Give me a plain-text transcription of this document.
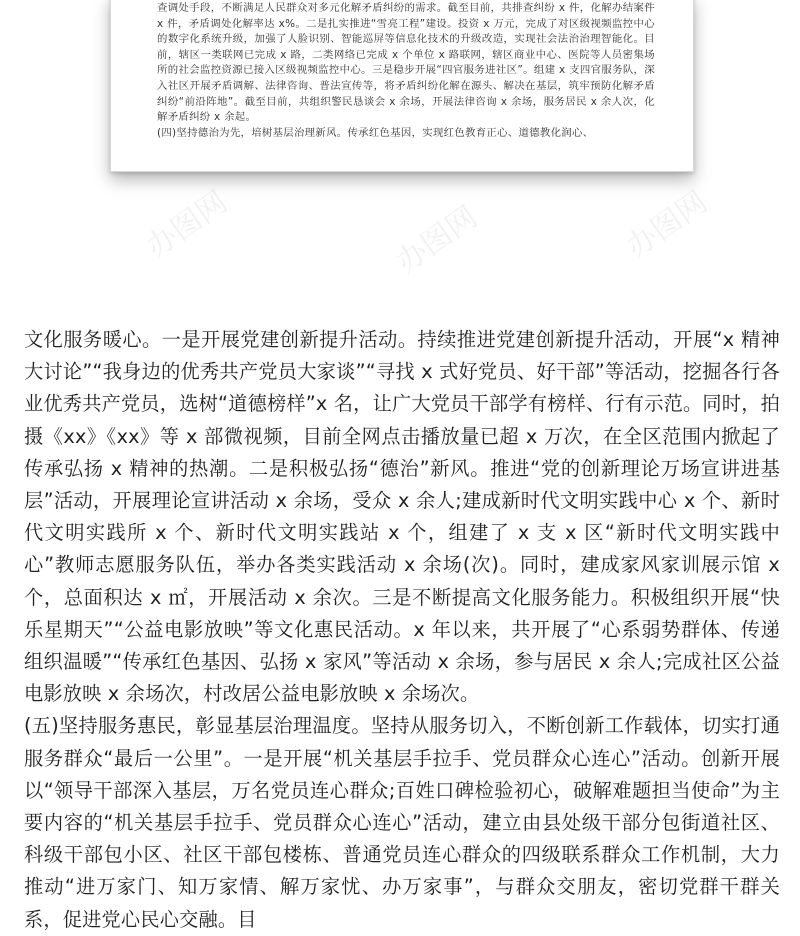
办图网	办图网	办图网
查调处手段，不断满足人民群众对多元化解矛盾纠纷的需求。截至目前，共排查纠纷 x 件，化解办结案件 x 件，矛盾调处化解率达 x%。二是扎实推进“雪亮工程”建设。投资 x 万元，完成了对区级视频监控中心的数字化系统升级，加强了人脸识别、智能巡屏等信息化技术的升级改造，实现社会法治治理智能化。目前，辖区一类联网已完成 x 路，二类网络已完成 x 个单位 x 路联网，辖区商业中心、医院等人员密集场所的社会监控资源已接入区级视频监控中心。三是稳步开展“四官服务进社区”。组建 x 支四官服务队，深入社区开展矛盾调解、法律咨询、普法宣传等，将矛盾纠纷化解在源头、解决在基层，筑牢预防化解矛盾纠纷“前沿阵地”。截至目前，共组织警民恳谈会 x 余场，开展法律咨询 x 余场，服务居民 x 余人次，化解矛盾纠纷 x 余起。
(四)坚持德治为先，培树基层治理新风。传承红色基因，实现红色教育正心、道德教化润心、

文化服务暖心。一是开展党建创新提升活动。持续推进党建创新提升活动，开展“x 精神大讨论”“我身边的优秀共产党员大家谈”“寻找 x 式好党员、好干部”等活动，挖掘各行各业优秀共产党员，选树“道德榜样”x 名，让广大党员干部学有榜样、行有示范。同时，拍摄《xx》《xx》等 x 部微视频，目前全网点击播放量已超 x 万次，在全区范围内掀起了传承弘扬 x 精神的热潮。二是积极弘扬“德治”新风。推进“党的创新理论万场宣讲进基层”活动，开展理论宣讲活动 x 余场，受众 x 余人;建成新时代文明实践中心 x 个、新时代文明实践所 x 个、新时代文明实践站 x 个，组建了 x 支 x 区“新时代文明实践中心”教师志愿服务队伍，举办各类实践活动 x 余场(次)。同时，建成家风家训展示馆 x 个，总面积达 x ㎡，开展活动 x 余次。三是不断提高文化服务能力。积极组织开展“快乐星期天”“公益电影放映”等文化惠民活动。x 年以来，共开展了“心系弱势群体、传递组织温暖”“传承红色基因、弘扬 x 家风”等活动 x 余场，参与居民 x 余人;完成社区公益电影放映 x 余场次，村改居公益电影放映 x 余场次。

(五)坚持服务惠民，彰显基层治理温度。坚持从服务切入，不断创新工作载体，切实打通服务群众“最后一公里”。一是开展“机关基层手拉手、党员群众心连心”活动。创新开展以“领导干部深入基层，万名党员连心群众;百姓口碑检验初心，破解难题担当使命”为主要内容的“机关基层手拉手、党员群众心连心”活动，建立由县处级干部分包街道社区、科级干部包小区、社区干部包楼栋、普通党员连心群众的四级联系群众工作机制，大力推动“进万家门、知万家情、解万家忧、办万家事”，与群众交朋友，密切党群干群关系，促进党心民心交融。目
